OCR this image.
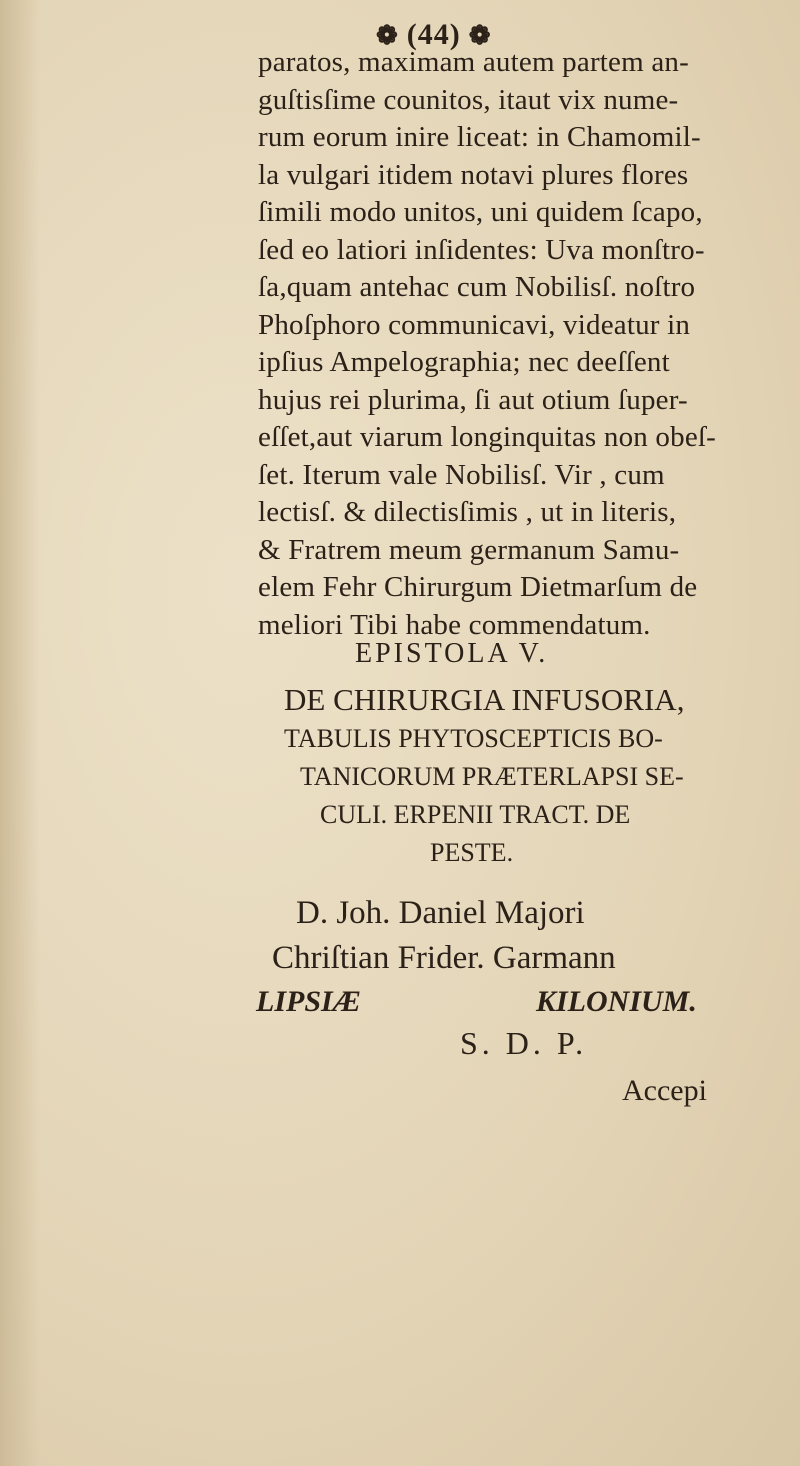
❁ (44) ❁
paratos, maximam autem partem an-
guſtisſime counitos, itaut vix nume-
rum eorum inire liceat: in Chamomil-
la vulgari itidem notavi plures flores
ſimili modo unitos, uni quidem ſcapo,
ſed eo latiori inſidentes: Uva monſtro-
ſa,quam antehac cum Nobilisſ. noſtro
Phoſphoro communicavi, videatur in
ipſius Ampelographia; nec deeſſent
hujus rei plurima, ſi aut otium ſuper-
eſſet,aut viarum longinquitas non obeſ-
ſet. Iterum vale Nobilisſ. Vir , cum
lectisſ. & dilectisſimis , ut in literis,
& Fratrem meum germanum Samu-
elem Fehr Chirurgum Dietmarſum de
meliori Tibi habe commendatum.
EPISTOLA V.
DE CHIRURGIA INFUSORIA,
TABULIS PHYTOSCEPTICIS BO-
TANICORUM PRÆTERLAPSI SE-
CULI. ERPENII TRACT. DE
PESTE.
D. Joh. Daniel Majori
Chriſtian Frider. Garmann
LIPSIÆ	KILONIUM.
S. D. P.
Accepi
